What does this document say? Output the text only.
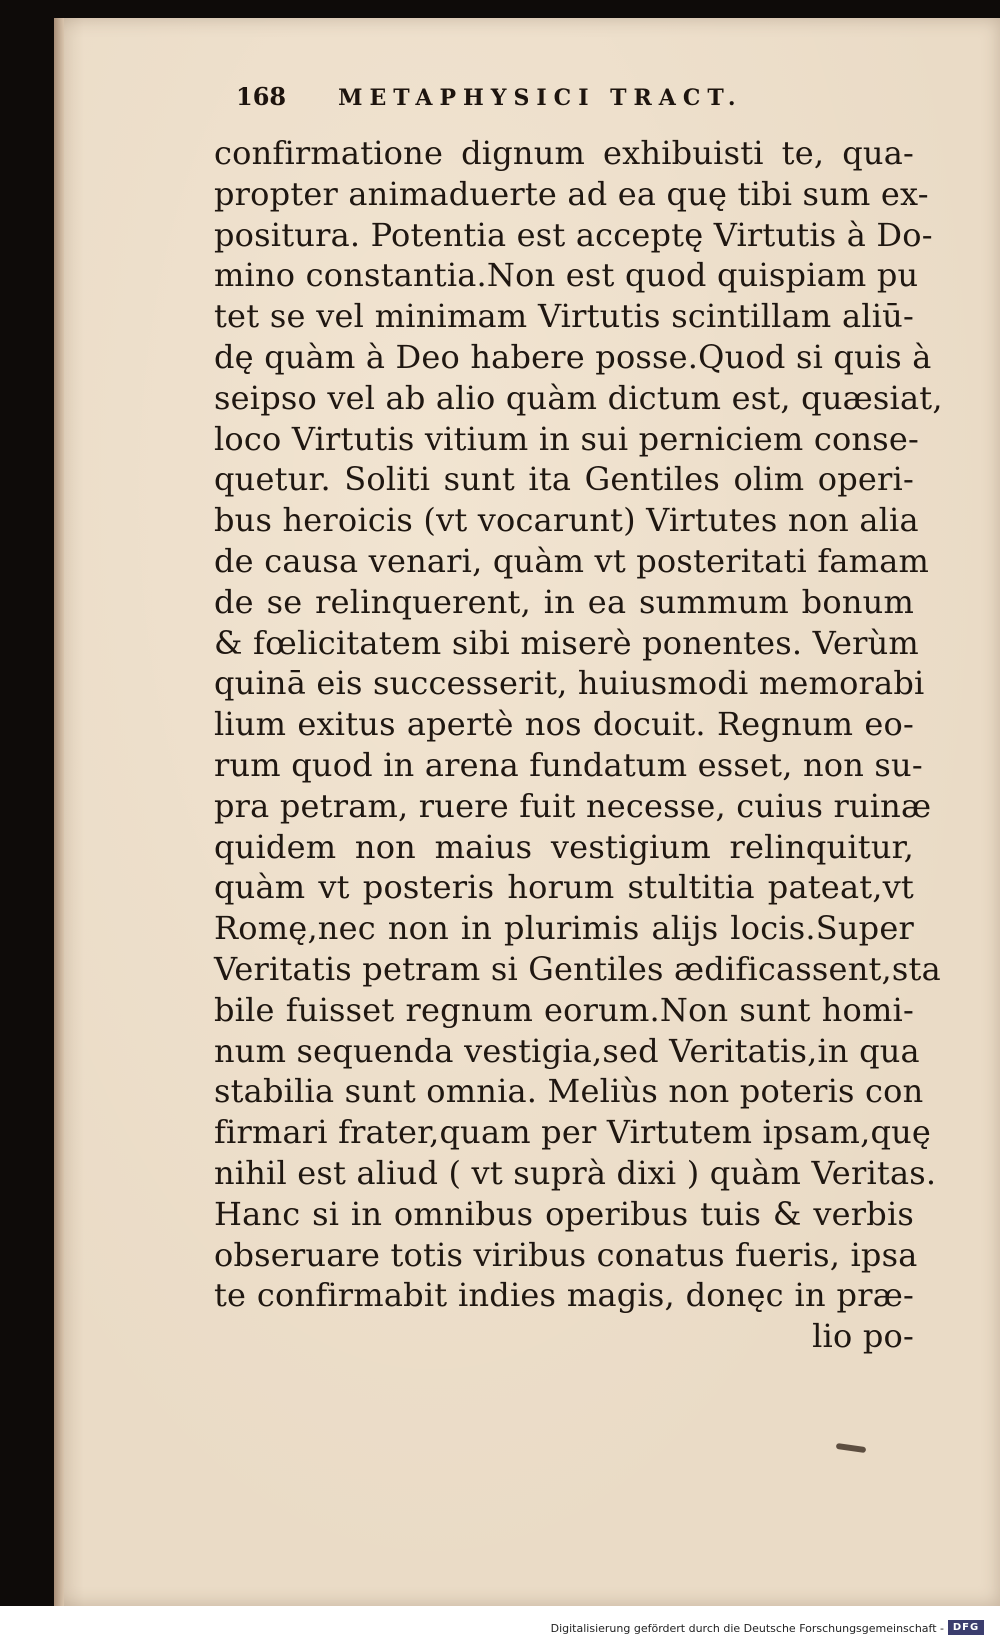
168 METAPHYSICI TRACT.
confirmatione dignum exhibuisti te, qua-
propter animaduerte ad ea quę tibi sum ex-
positura. Potentia est acceptę Virtutis à Do-
mino constantia.Non est quod quispiam pu
tet se vel minimam Virtutis scintillam aliū-
dę quàm à Deo habere posse.Quod si quis à
seipso vel ab alio quàm dictum est, quæsiat,
loco Virtutis vitium in sui perniciem conse-
quetur. Soliti sunt ita Gentiles olim operi-
bus heroicis (vt vocarunt) Virtutes non alia
de causa venari, quàm vt posteritati famam
de se relinquerent, in ea summum bonum
& fœlicitatem sibi miserè ponentes. Verùm
quinā eis successerit, huiusmodi memorabi
lium exitus apertè nos docuit. Regnum eo-
rum quod in arena fundatum esset, non su-
pra petram, ruere fuit necesse, cuius ruinæ
quidem non maius vestigium relinquitur,
quàm vt posteris horum stultitia pateat,vt
Romę,nec non in plurimis alijs locis.Super
Veritatis petram si Gentiles ædificassent,sta
bile fuisset regnum eorum.Non sunt homi-
num sequenda vestigia,sed Veritatis,in qua
stabilia sunt omnia. Meliùs non poteris con
firmari frater,quam per Virtutem ipsam,quę
nihil est aliud ( vt suprà dixi ) quàm Veritas.
Hanc si in omnibus operibus tuis & verbis
obseruare totis viribus conatus fueris, ipsa
te confirmabit indies magis, donęc in præ-
lio po-
Digitalisierung gefördert durch die Deutsche Forschungsgemeinschaft - DFG
